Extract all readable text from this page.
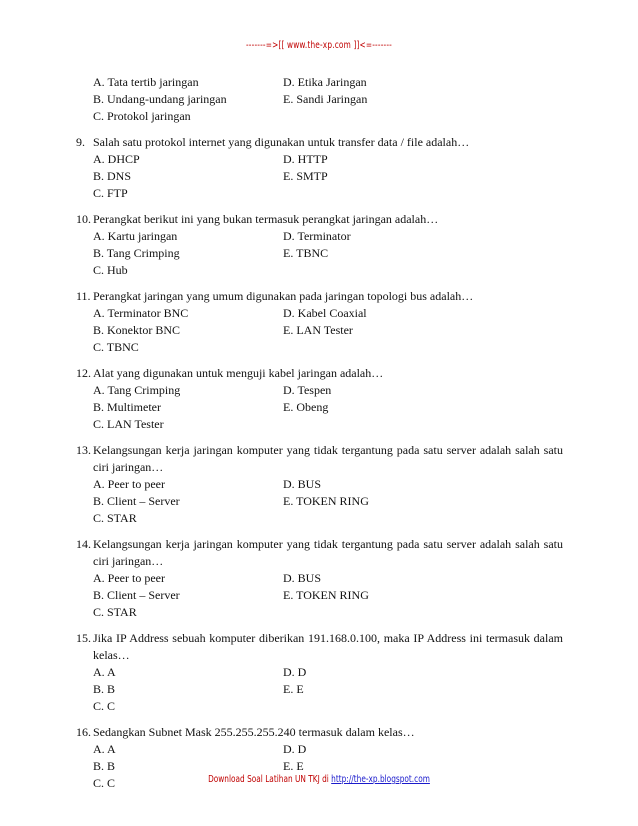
-------=>[[ www.the-xp.com ]]<=-------
A. Tata tertib jaringan	D. Etika Jaringan
B. Undang-undang jaringan	E. Sandi Jaringan
C. Protokol jaringan
9. Salah satu protokol internet yang digunakan untuk transfer data / file adalah…
A. DHCP	D. HTTP
B. DNS	E. SMTP
C. FTP
10. Perangkat berikut ini yang bukan termasuk perangkat jaringan adalah…
A. Kartu jaringan	D. Terminator
B. Tang Crimping	E. TBNC
C. Hub
11. Perangkat jaringan yang umum digunakan pada jaringan topologi bus adalah…
A. Terminator BNC	D. Kabel Coaxial
B. Konektor BNC	E. LAN Tester
C. TBNC
12. Alat yang digunakan untuk menguji kabel jaringan adalah…
A. Tang Crimping	D. Tespen
B. Multimeter	E. Obeng
C. LAN Tester
13. Kelangsungan kerja jaringan komputer yang tidak tergantung pada satu server adalah salah satu ciri jaringan…
A. Peer to peer	D. BUS
B. Client – Server	E. TOKEN RING
C. STAR
14. Kelangsungan kerja jaringan komputer yang tidak tergantung pada satu server adalah salah satu ciri jaringan…
A. Peer to peer	D. BUS
B. Client – Server	E. TOKEN RING
C. STAR
15. Jika IP Address sebuah komputer diberikan 191.168.0.100, maka IP Address ini termasuk dalam kelas…
A. A	D. D
B. B	E. E
C. C
16. Sedangkan Subnet Mask 255.255.255.240 termasuk dalam kelas…
A. A	D. D
B. B	E. E
C. C	Download Soal Latihan UN TKJ di http://the-xp.blogspot.com
